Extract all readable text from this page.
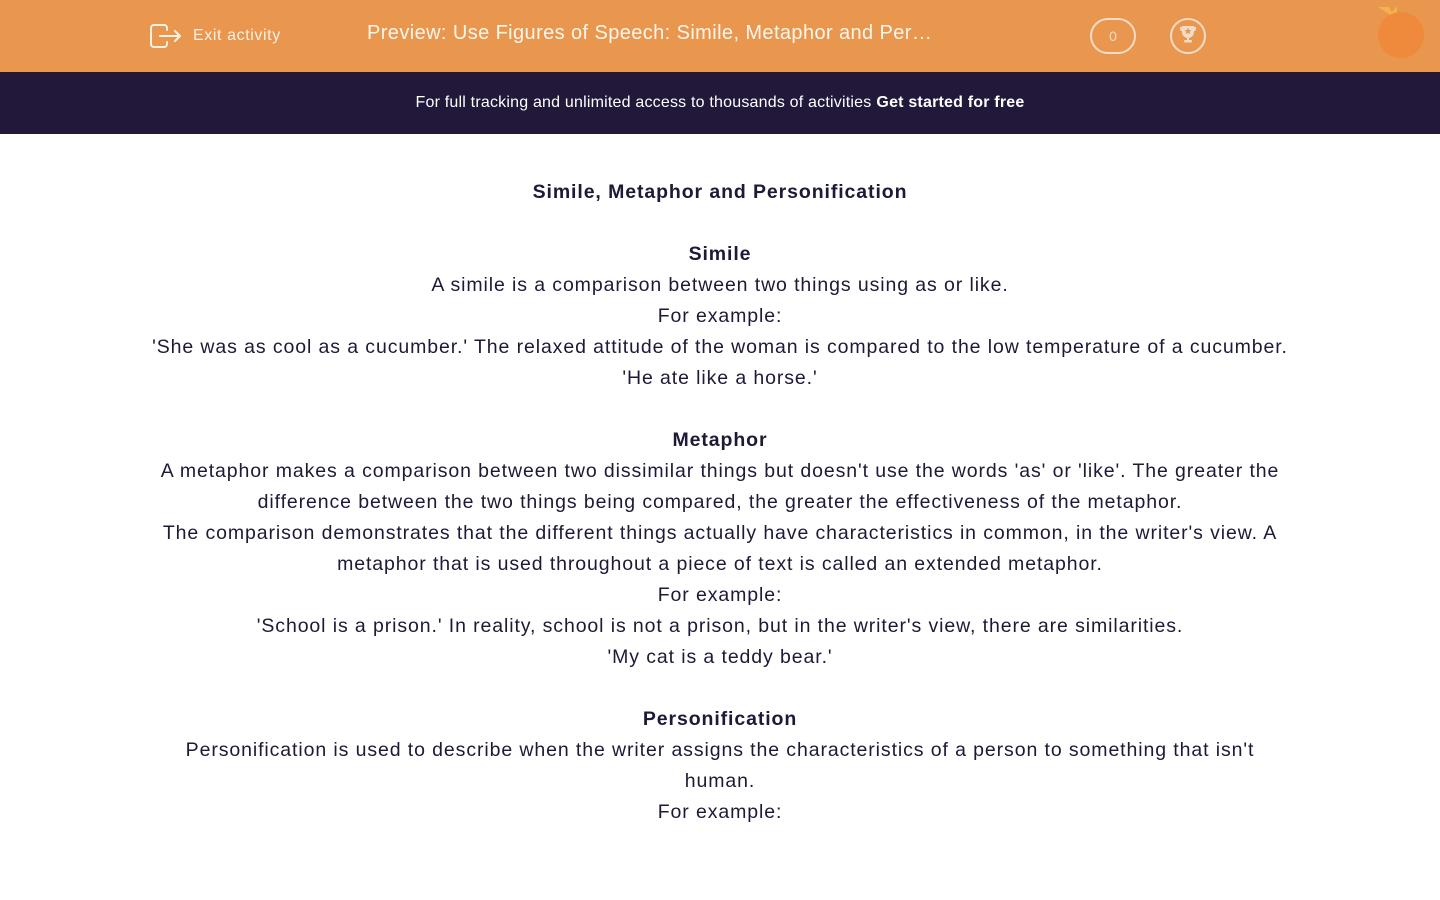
Exit activity	Preview: Use Figures of Speech: Simile, Metaphor and Per…	0
For full tracking and unlimited access to thousands of activities Get started for free
Simile, Metaphor and Personification
Simile

A simile is a comparison between two things using as or like.

For example:

'She was as cool as a cucumber.' The relaxed attitude of the woman is compared to the low temperature of a cucumber.

'He ate like a horse.'

Metaphor

A metaphor makes a comparison between two dissimilar things but doesn't use the words 'as' or 'like'. The greater the difference between the two things being compared, the greater the effectiveness of the metaphor.

The comparison demonstrates that the different things actually have characteristics in common, in the writer's view. A metaphor that is used throughout a piece of text is called an extended metaphor.

For example:

'School is a prison.' In reality, school is not a prison, but in the writer's view, there are similarities.

'My cat is a teddy bear.'

Personification

Personification is used to describe when the writer assigns the characteristics of a person to something that isn't human.

For example:
